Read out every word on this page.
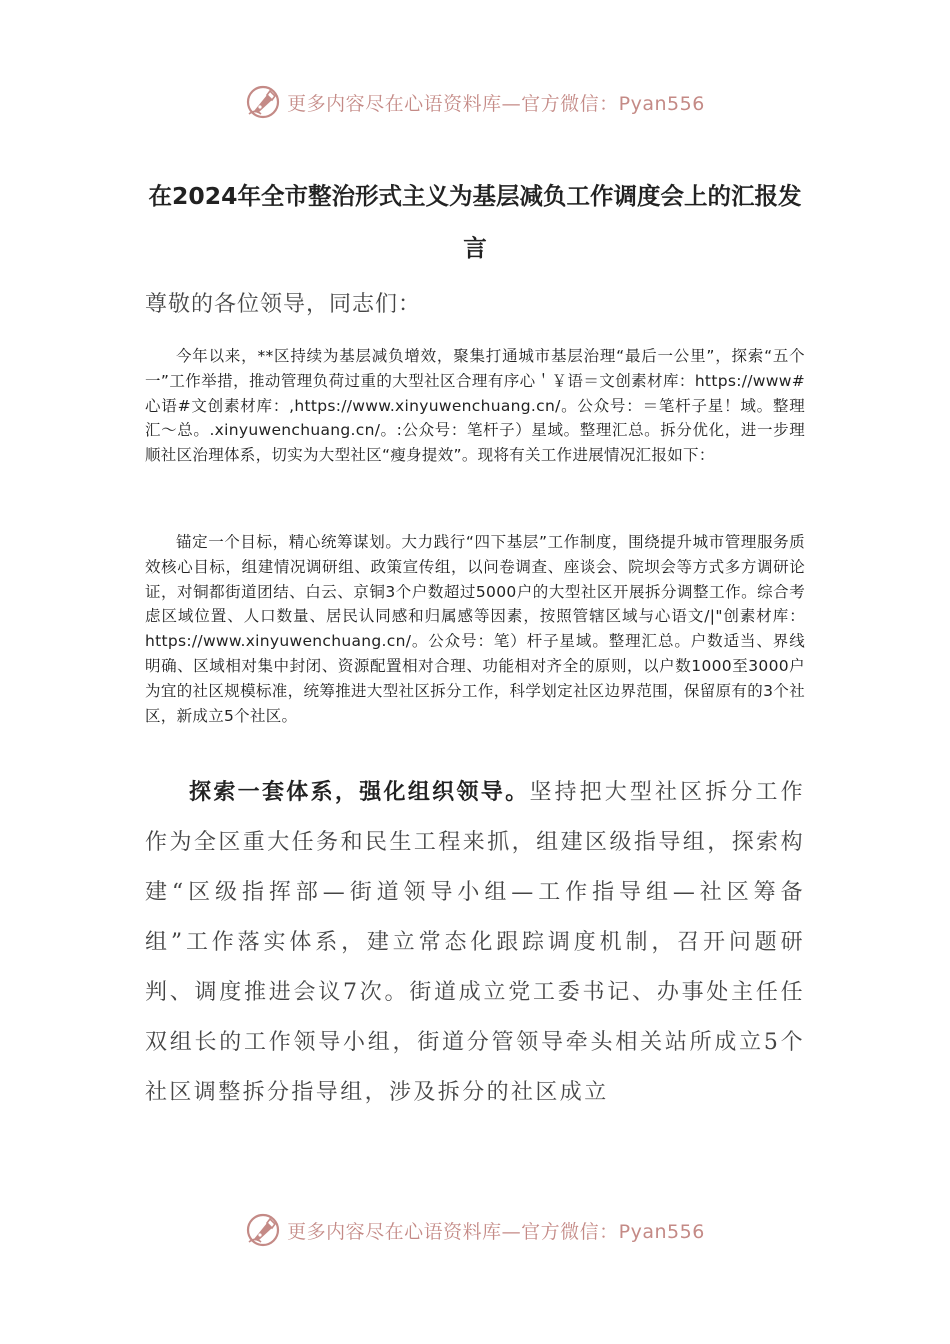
更多内容尽在心语资料库—官方微信：Pyan556
在2024年全市整治形式主义为基层减负工作调度会上的汇报发言
尊敬的各位领导，同志们：

今年以来，**区持续为基层减负增效，聚集打通城市基层治理“最后一公里”，探索“五个一”工作举措，推动管理负荷过重的大型社区合理有序心＇￥语＝文创素材库：https://www#心语#文创素材库：,https://www.xinyuwenchuang.cn/。公众号：＝笔杆子星！域。整理汇～总。.xinyuwenchuang.cn/。:公众号：笔杆子）星域。整理汇总。拆分优化，进一步理顺社区治理体系，切实为大型社区“瘦身提效”。现将有关工作进展情况汇报如下：

锚定一个目标，精心统筹谋划。大力践行“四下基层”工作制度，围绕提升城市管理服务质效核心目标，组建情况调研组、政策宣传组，以问卷调查、座谈会、院坝会等方式多方调研论证，对铜都街道团结、白云、京铜3个户数超过5000户的大型社区开展拆分调整工作。综合考虑区域位置、人口数量、居民认同感和归属感等因素，按照管辖区域与心语文/|"创素材库：https://www.xinyuwenchuang.cn/。公众号：笔）杆子星域。整理汇总。户数适当、界线明确、区域相对集中封闭、资源配置相对合理、功能相对齐全的原则，以户数1000至3000户为宜的社区规模标准，统筹推进大型社区拆分工作，科学划定社区边界范围，保留原有的3个社区，新成立5个社区。

探索一套体系，强化组织领导。坚持把大型社区拆分工作作为全区重大任务和民生工程来抓，组建区级指导组，探索构建“区级指挥部—街道领导小组—工作指导组—社区筹备组”工作落实体系，建立常态化跟踪调度机制，召开问题研判、调度推进会议7次。街道成立党工委书记、办事处主任任双组长的工作领导小组，街道分管领导牵头相关站所成立5个社区调整拆分指导组，涉及拆分的社区成立

更多内容尽在心语资料库—官方微信：Pyan556
